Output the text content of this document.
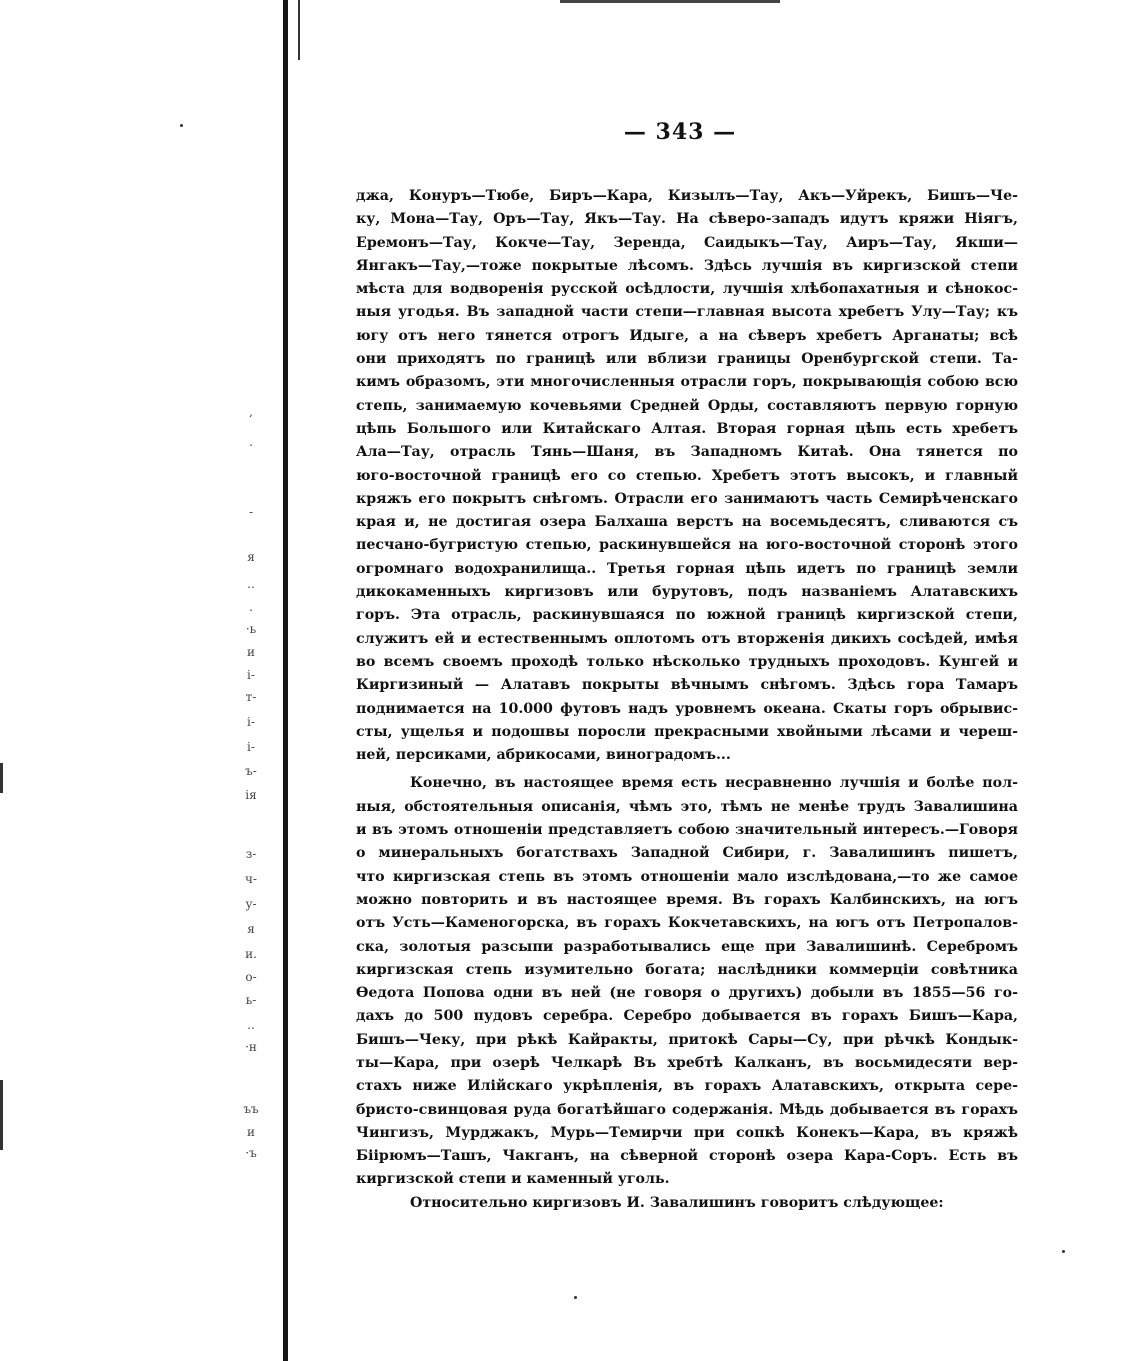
,
.
-
я
..
.
·ь
и
і-
т-
і-
і-
ъ-
ія
з-
ч-
у-
я
и.
о-
ь-
..
·н
ъъ
и
·ъ
— 343 —
джа, Конуръ—Тюбе, Биръ—Кара, Кизылъ—Тау, Акъ—Уйрекъ, Бишъ—Че-
ку, Мона—Тау, Оръ—Тау, Якъ—Тау. На сѣверо-западъ идутъ кряжи Ніягъ,
Еремонъ—Тау, Кокче—Тау, Зеренда, Саидыкъ—Тау, Аиръ—Тау, Якши—
Янгакъ—Тау,—тоже покрытые лѣсомъ. Здѣсь лучшія въ киргизской степи
мѣста для водворенія русской осѣдлости, лучшія хлѣбопахатныя и сѣнокос-
ныя угодья. Въ западной части степи—главная высота хребетъ Улу—Тау; къ
югу отъ него тянется отрогъ Идыге, а на сѣверъ хребетъ Арганаты; всѣ
они приходятъ по границѣ или вблизи границы Оренбургской степи. Та-
кимъ образомъ, эти многочисленныя отрасли горъ, покрывающія собою всю
степь, занимаемую кочевьями Средней Орды, составляютъ первую горную
цѣпь Большого или Китайскаго Алтая. Вторая горная цѣпь есть хребетъ
Ала—Тау, отрасль Тянь—Шаня, въ Западномъ Китаѣ. Она тянется по
юго-восточной границѣ его со степью. Хребетъ этотъ высокъ, и главный
кряжъ его покрытъ снѣгомъ. Отрасли его занимаютъ часть Семирѣченскаго
края и, не достигая озера Балхаша верстъ на восемьдесятъ, сливаются съ
песчано-бугристую степью, раскинувшейся на юго-восточной сторонѣ этого
огромнаго водохранилища.. Третья горная цѣпь идетъ по границѣ земли
дикокаменныхъ киргизовъ или бурутовъ, подъ названіемъ Алатавскихъ
горъ. Эта отрасль, раскинувшаяся по южной границѣ киргизской степи,
служитъ ей и естественнымъ оплотомъ отъ вторженія дикихъ сосѣдей, имѣя
во всемъ своемъ проходѣ только нѣсколько трудныхъ проходовъ. Кунгей и
Киргизиный — Алатавъ покрыты вѣчнымъ снѣгомъ. Здѣсь гора Тамаръ
поднимается на 10.000 футовъ надъ уровнемъ океана. Скаты горъ обрывис-
сты, ущелья и подошвы поросли прекрасными хвойными лѣсами и череш-
ней, персиками, абрикосами, виноградомъ...
Конечно, въ настоящее время есть несравненно лучшія и болѣе пол-
ныя, обстоятельныя описанія, чѣмъ это, тѣмъ не менѣе трудъ Завалишина
и въ этомъ отношеніи представляетъ собою значительный интересъ.—Говоря
о минеральныхъ богатствахъ Западной Сибири, г. Завалишинъ пишетъ,
что киргизская степь въ этомъ отношеніи мало изслѣдована,—то же самое
можно повторить и въ настоящее время. Въ горахъ Калбинскихъ, на югъ
отъ Усть—Каменогорска, въ горахъ Кокчетавскихъ, на югъ отъ Петропалов-
ска, золотыя разсыпи разработывались еще при Завалишинѣ. Серебромъ
киргизская степь изумительно богата; наслѣдники коммерціи совѣтника
Ѳедота Попова одни въ ней (не говоря о другихъ) добыли въ 1855—56 го-
дахъ до 500 пудовъ серебра. Серебро добывается въ горахъ Бишъ—Кара,
Бишъ—Чеку, при рѣкѣ Кайракты, притокѣ Сары—Су, при рѣчкѣ Кондык-
ты—Кара, при озерѣ Челкарѣ Въ хребтѣ Калканъ, въ восьмидесяти вер-
стахъ ниже Илійскаго укрѣпленія, въ горахъ Алатавскихъ, открыта сере-
бристо-свинцовая руда богатѣйшаго содержанія. Мѣдь добывается въ горахъ
Чингизъ, Мурджакъ, Мурь—Темирчи при сопкѣ Конекъ—Кара, въ кряжѣ
Біірюмъ—Ташъ, Чакганъ, на сѣверной сторонѣ озера Кара-Соръ. Есть въ
киргизской степи и каменный уголь.
Относительно киргизовъ И. Завалишинъ говоритъ слѣдующее:
